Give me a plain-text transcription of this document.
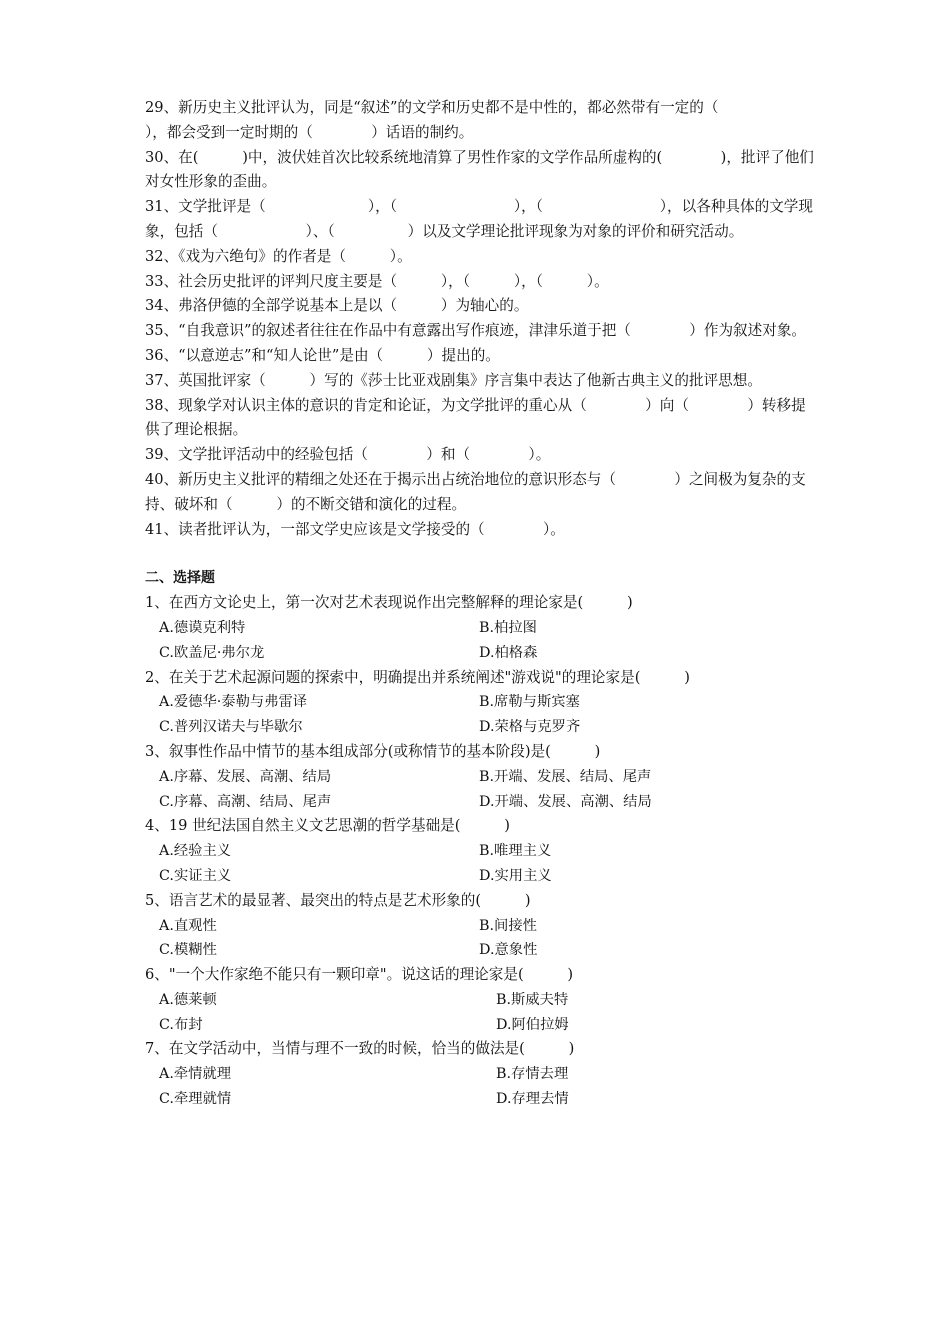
29、新历史主义批评认为，同是“叙述”的文学和历史都不是中性的，都必然带有一定的（　　　　　　），都会受到一定时期的（　　　　）话语的制约。

30、在(　　　)中，波伏娃首次比较系统地清算了男性作家的文学作品所虚构的(　　　　)，批评了他们对女性形象的歪曲。

31、文学批评是（　　　　　　　），（　　　　　　　　），（　　　　　　　　），以各种具体的文学现象，包括（　　　　　　）、（　　　　　）以及文学理论批评现象为对象的评价和研究活动。

32、《戏为六绝句》的作者是（　　　）。

33、社会历史批评的评判尺度主要是（　　　），（　　　），（　　　）。

34、弗洛伊德的全部学说基本上是以（　　　）为轴心的。

35、“自我意识”的叙述者往往在作品中有意露出写作痕迹，津津乐道于把（　　　　）作为叙述对象。

36、“以意逆志”和“知人论世”是由（　　　）提出的。

37、英国批评家（　　　）写的《莎士比亚戏剧集》序言集中表达了他新古典主义的批评思想。

38、现象学对认识主体的意识的肯定和论证，为文学批评的重心从（　　　　）向（　　　　）转移提供了理论根据。

39、文学批评活动中的经验包括（　　　　）和（　　　　）。

40、新历史主义批评的精细之处还在于揭示出占统治地位的意识形态与（　　　　）之间极为复杂的支持、破坏和（　　　）的不断交错和演化的过程。

41、读者批评认为，一部文学史应该是文学接受的（　　　　）。

二、选择题

1、在西方文论史上，第一次对艺术表现说作出完整解释的理论家是(　　　)

A.德谟克利特	B.柏拉图
C.欧盖尼·弗尔龙	D.柏格森

2、在关于艺术起源问题的探索中，明确提出并系统阐述"游戏说"的理论家是(　　　)

A.爱德华·泰勒与弗雷译	B.席勒与斯宾塞
C.普列汉诺夫与毕歇尔	D.荣格与克罗齐

3、叙事性作品中情节的基本组成部分(或称情节的基本阶段)是(　　　)

A.序幕、发展、高潮、结局	B.开端、发展、结局、尾声
C.序幕、高潮、结局、尾声	D.开端、发展、高潮、结局

4、19 世纪法国自然主义文艺思潮的哲学基础是(　　　)

A.经验主义	B.唯理主义
C.实证主义	D.实用主义

5、语言艺术的最显著、最突出的特点是艺术形象的(　　　)

A.直观性	B.间接性
C.模糊性	D.意象性

6、"一个大作家绝不能只有一颗印章"。说这话的理论家是(　　　)

A.德莱顿	B.斯威夫特
C.布封	D.阿伯拉姆

7、在文学活动中，当情与理不一致的时候，恰当的做法是(　　　)

A.牵情就理	B.存情去理
C.牵理就情	D.存理去情
